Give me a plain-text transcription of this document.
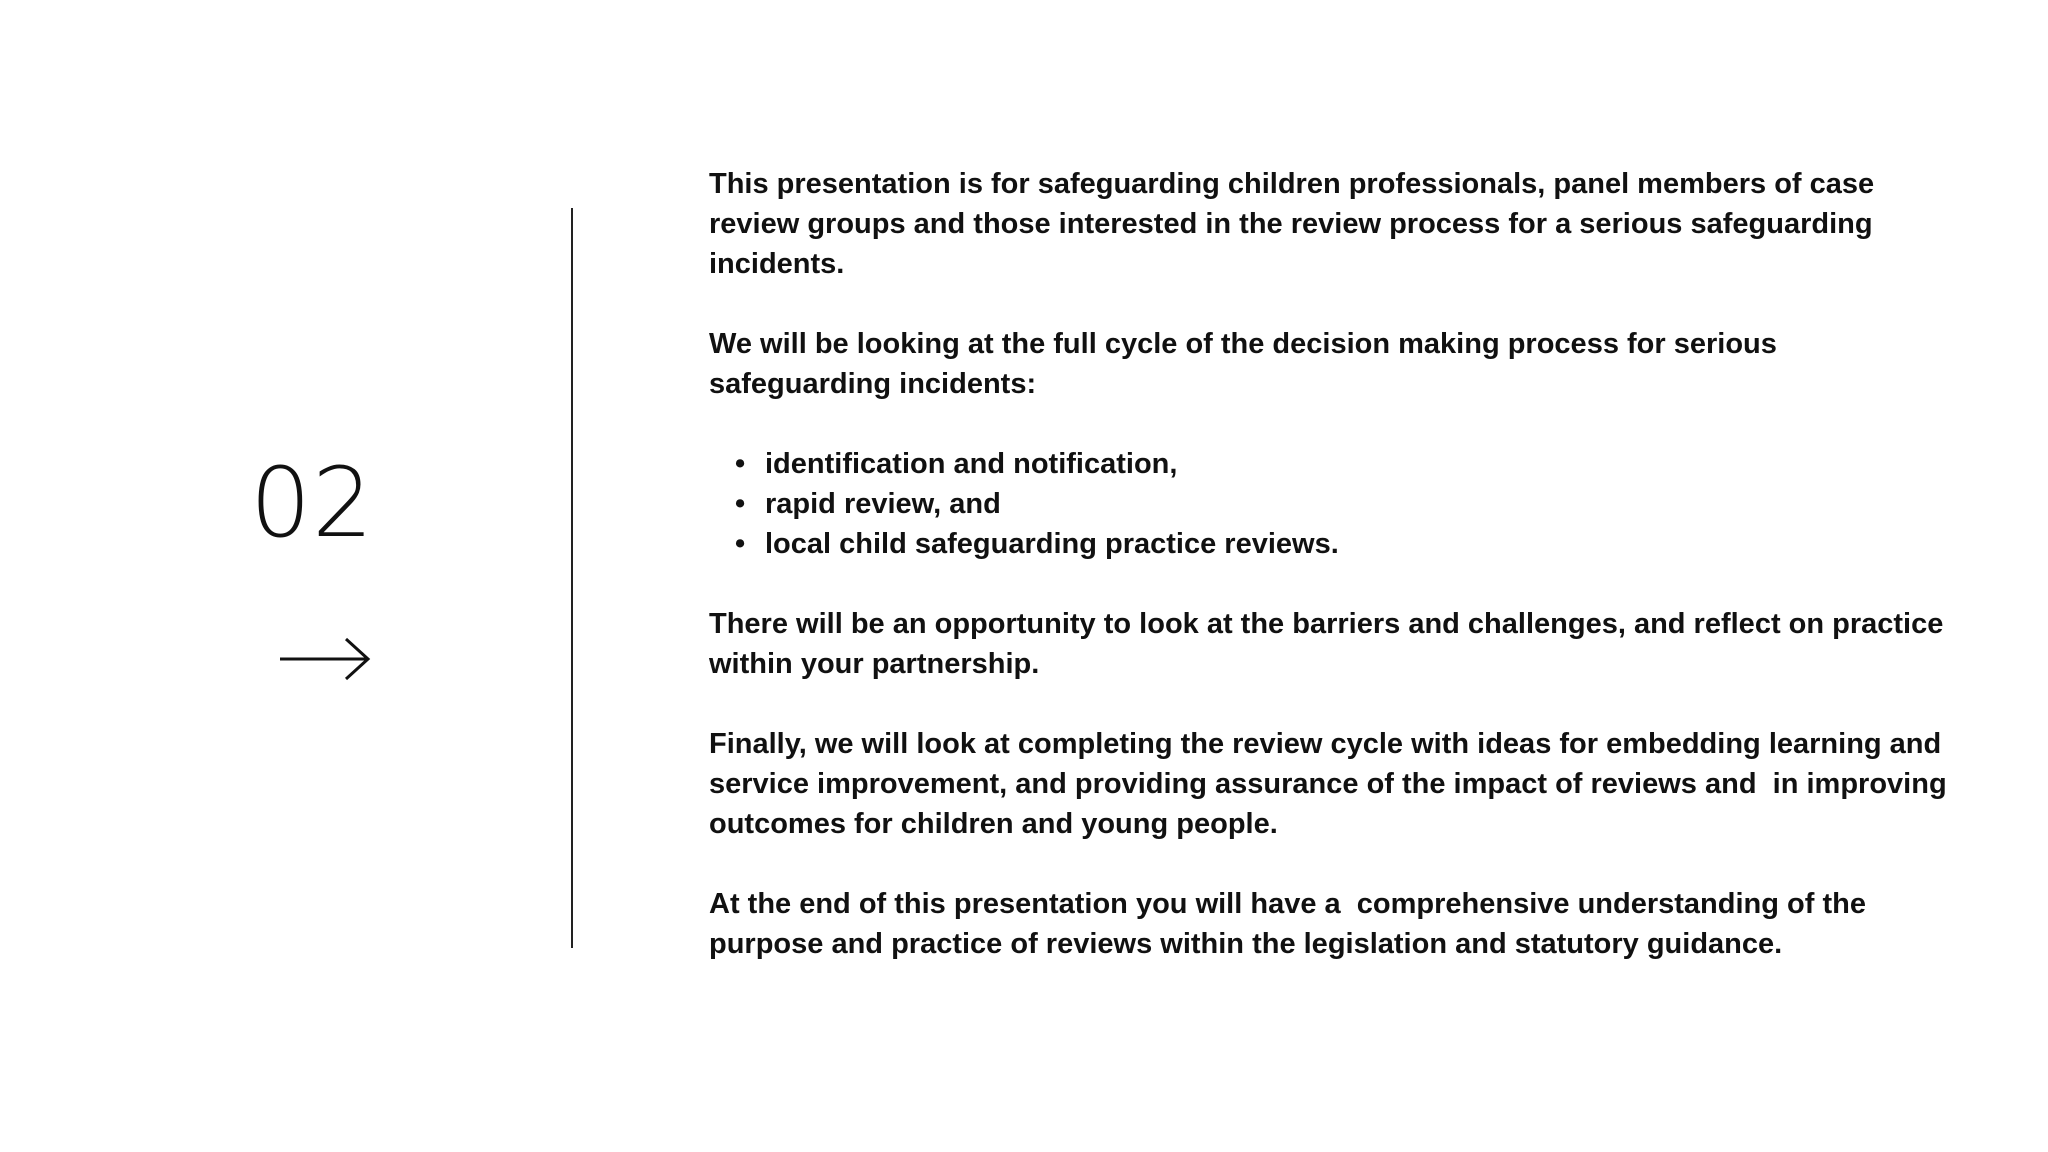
02

This presentation is for safeguarding children professionals, panel members of case review groups and those interested in the review process for a serious safeguarding incidents.

We will be looking at the full cycle of the decision making process for serious safeguarding incidents:

• identification and notification,
• rapid review, and
• local child safeguarding practice reviews.

There will be an opportunity to look at the barriers and challenges, and reflect on practice within your partnership.

Finally, we will look at completing the review cycle with ideas for embedding learning and service improvement, and providing assurance of the impact of reviews and  in improving outcomes for children and young people.

At the end of this presentation you will have a  comprehensive understanding of the purpose and practice of reviews within the legislation and statutory guidance.
